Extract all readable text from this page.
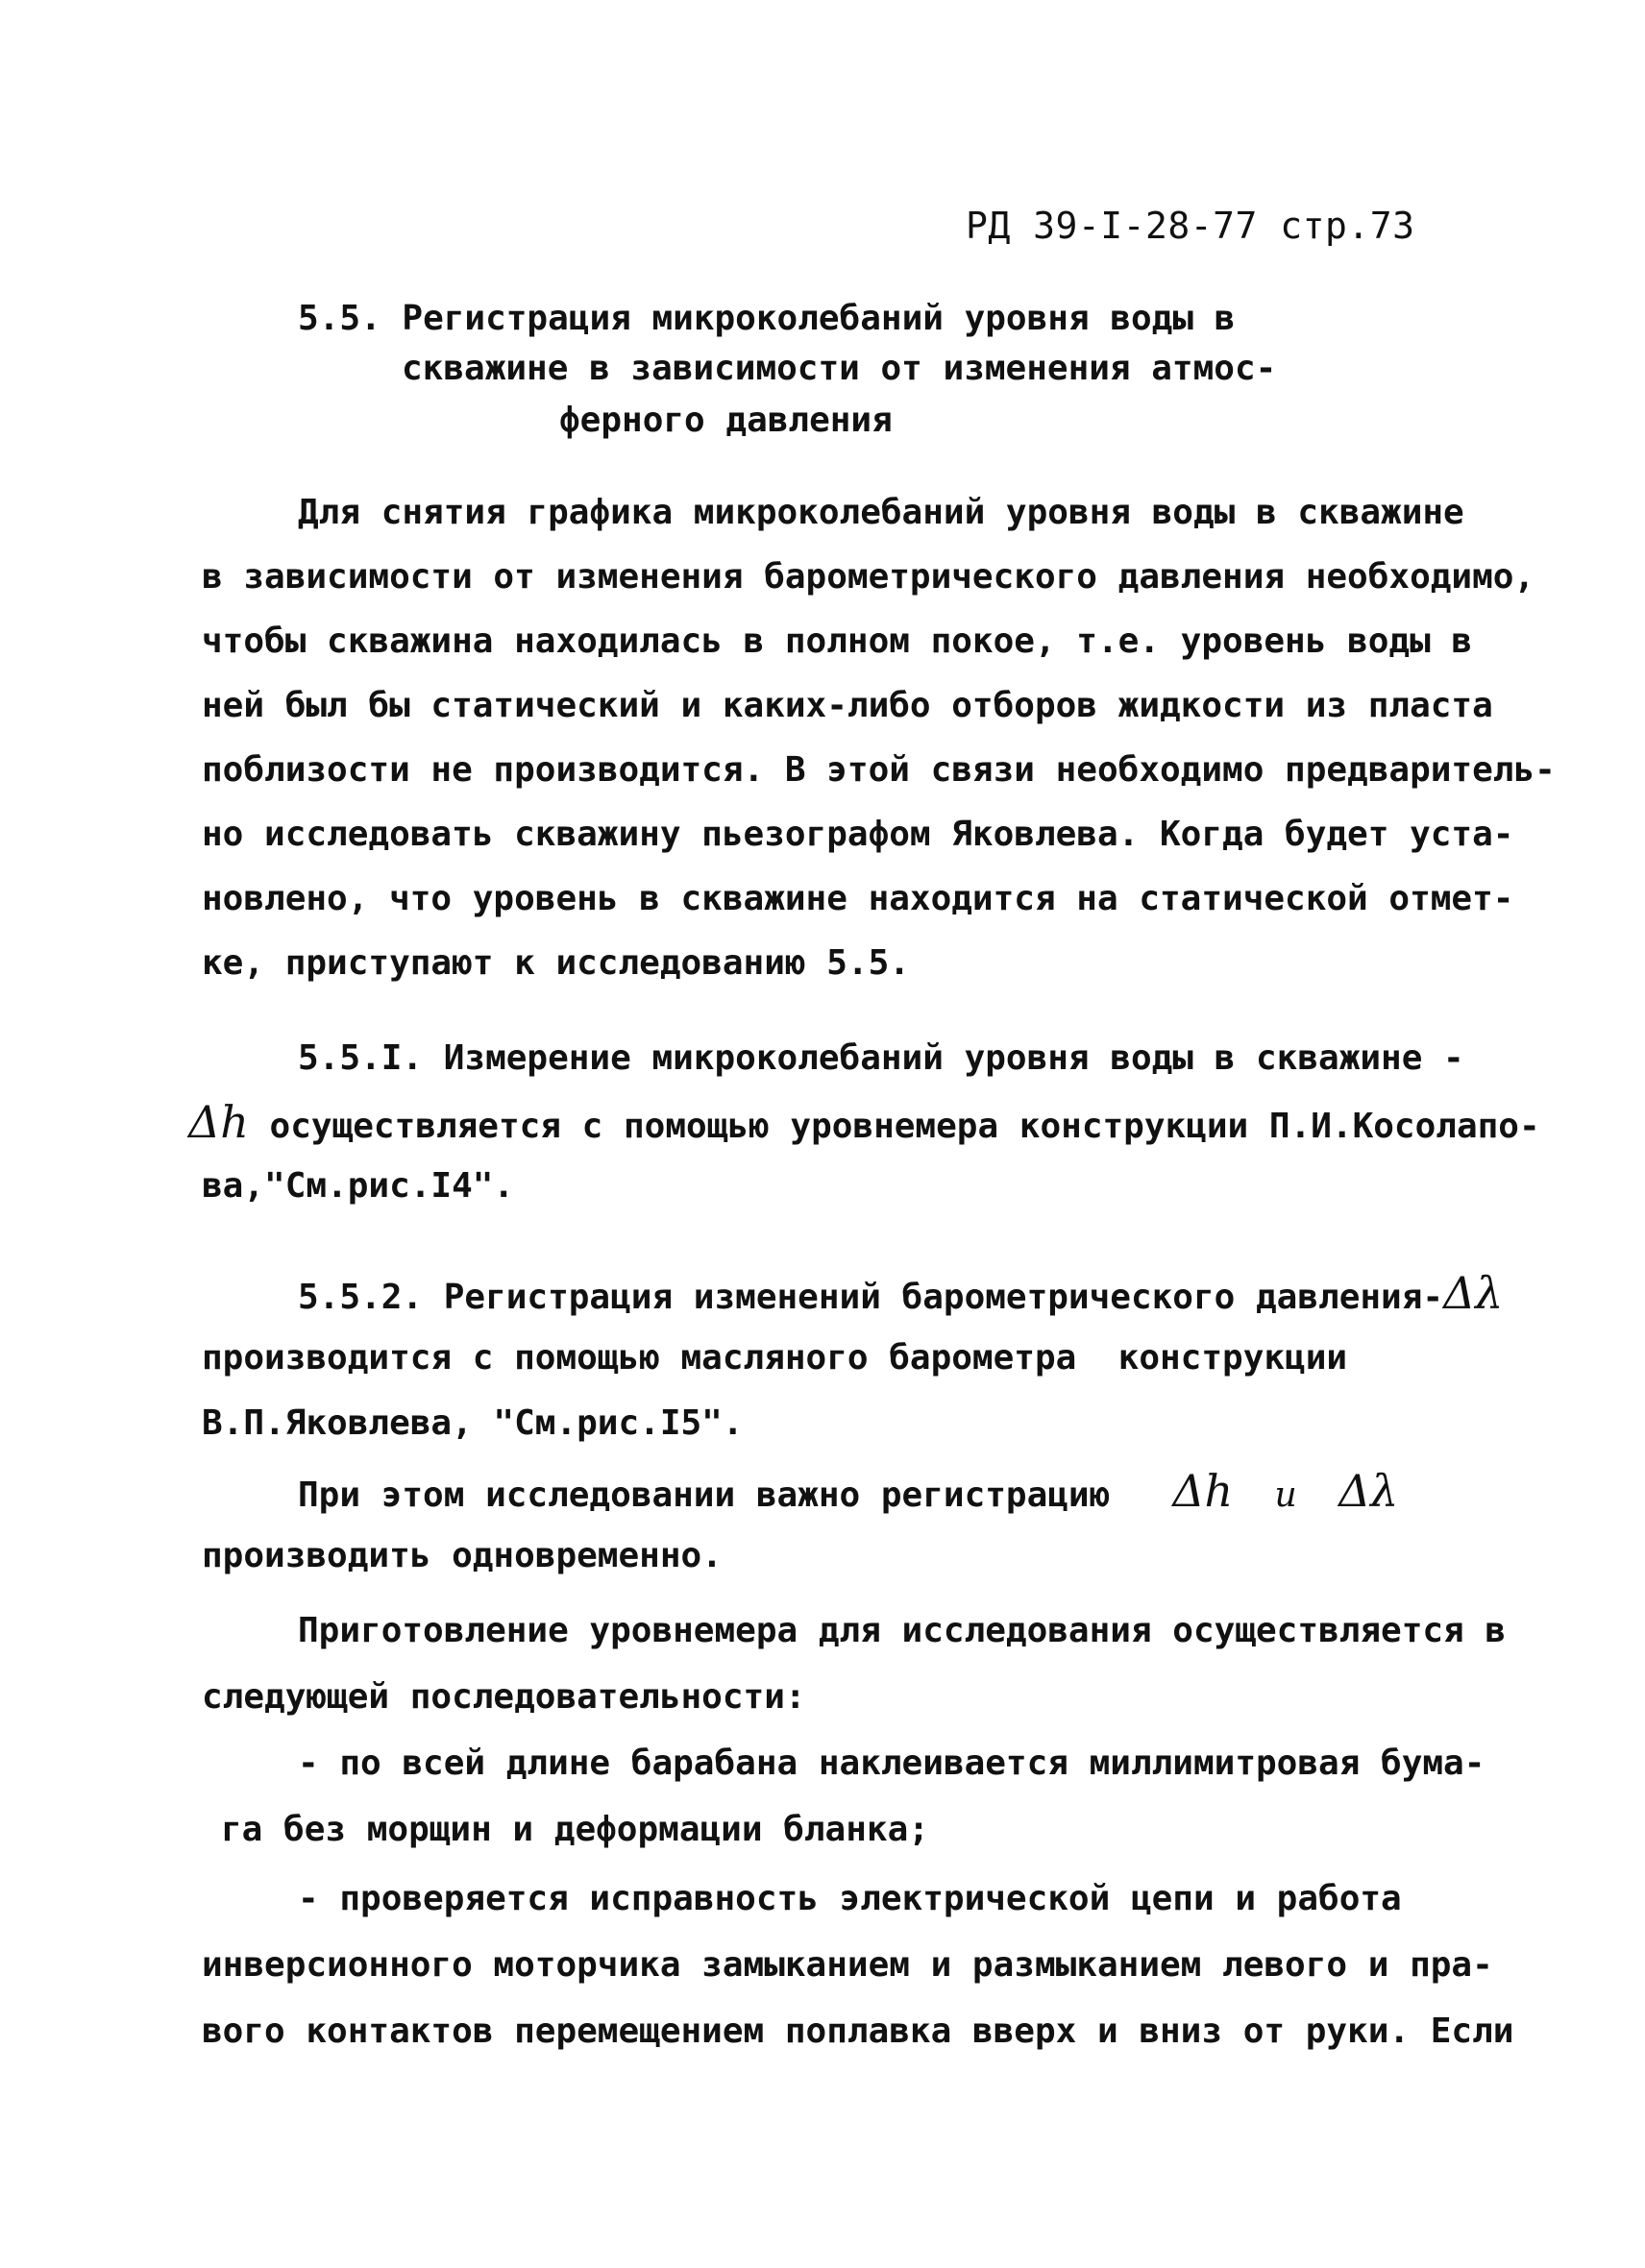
РД 39-I-28-77 стр.73
5.5. Регистрация микроколебаний уровня воды в
скважине в зависимости от изменения атмос-
ферного давления
Для снятия графика микроколебаний уровня воды в скважине
в зависимости от изменения барометрического давления необходимо,
чтобы скважина находилась в полном покое, т.е. уровень воды в
ней был бы статический и каких-либо отборов жидкости из пласта
поблизости не производится. В этой связи необходимо предваритель-
но исследовать скважину пьезографом Яковлева. Когда будет уста-
новлено, что уровень в скважине находится на статической отмет-
ке, приступают к исследованию 5.5.
5.5.I. Измерение микроколебаний уровня воды в скважине -
Δh осуществляется с помощью уровнемера конструкции П.И.Косолапо-
ва,"См.рис.I4".
5.5.2. Регистрация изменений барометрического давления-Δλ
производится с помощью масляного барометра  конструкции
В.П.Яковлева, "См.рис.I5".
При этом исследовании важно регистрацию Δh и Δλ
производить одновременно.
Приготовление уровнемера для исследования осуществляется в
следующей последовательности:
- по всей длине барабана наклеивается миллимитровая бума-
га без морщин и деформации бланка;
- проверяется исправность электрической цепи и работа
инверсионного моторчика замыканием и размыканием левого и пра-
вого контактов перемещением поплавка вверх и вниз от руки. Если
